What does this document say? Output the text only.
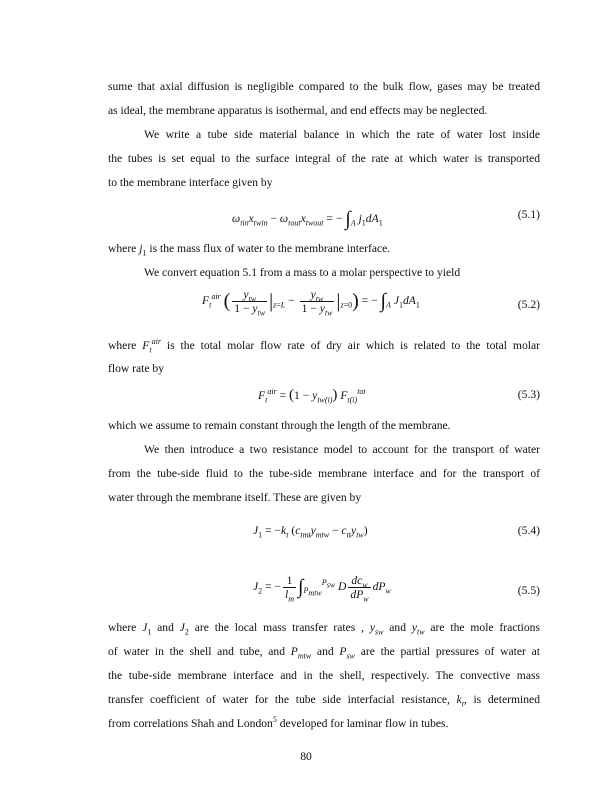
sume that axial diffusion is negligible compared to the bulk flow, gases may be treated
as ideal, the membrane apparatus is isothermal, and end effects may be neglected.
We write a tube side material balance in which the rate of water lost inside
the tubes is set equal to the surface integral of the rate at which water is transported
to the membrane interface given by
$\omega_{tin}x_{twin} - \omega_{tout}x_{twout}$ = − $\int_A$ $j_1dA_1$
(5.1)
where $j_1$ is the mass flux of water to the membrane interface.
We convert equation 5.1 from a mass to a molar perspective to yield
$F_t^{air}$ ( $\frac{y_{tw}}{1 - y_{tw}} |_{z=L} - \frac{y_{tw}}{1 - y_{tw}} |_{z=0}$) = − $\int_A$ $J_1dA_1$	(5.2)
where $F_t^{air}$ is the total molar flow rate of dry air which is related to the total molar
flow rate by
$F_t^{air} = (1 - y_{tw(i)})$ $F_{t(i)}^{tot}$	(5.3)
which we assume to remain constant through the length of the membrane.
We then introduce a two resistance model to account for the transport of water
from the tube-side fluid to the tube-side membrane interface and for the transport of
water through the membrane itself. These are given by
$J_1 = -k_t$ $(c_{tmt}y_{mtw} - c_{tt}y_{tw})$	(5.4)
$J_2$ = − $\frac{1}{l_m} \int_{P_{mtw}}^{P_{sw}}$ D $\frac{dc_w}{dP_w} dP_w$	(5.5)
where $J_1$ and $J_2$ are the local mass transfer rates , $y_{sw}$ and $y_{tw}$ are the mole fractions
of water in the shell and tube, and $P_{mtw}$ and $P_{sw}$ are the partial pressures of water at
the tube-side membrane interface and in the shell, respectively. The convective mass
transfer coefficient of water for the tube side interfacial resistance, $k_t$, is determined
from correlations Shah and London$^5$ developed for laminar flow in tubes.
80
